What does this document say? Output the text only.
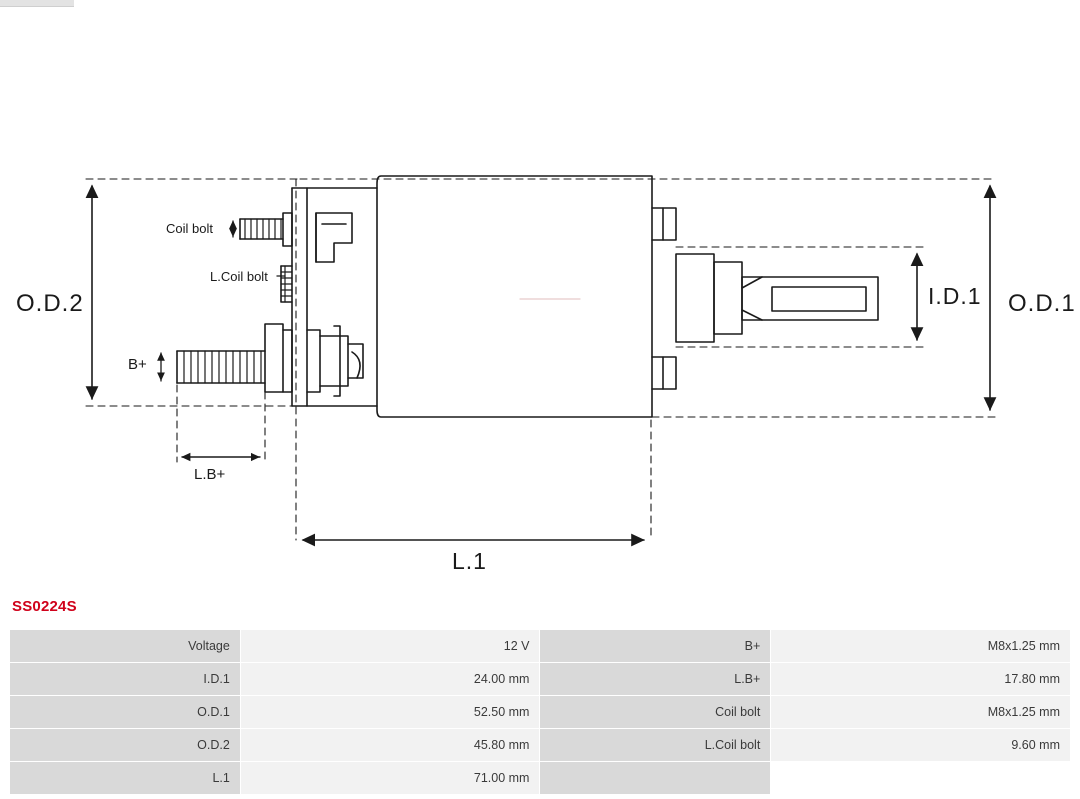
O.D.2	O.D.1
I.D.1
L.1
L.B+
B+
Coil bolt
L.Coil bolt
SS0224S
Voltage	12 V	B+	M8x1.25 mm
I.D.1	24.00 mm	L.B+	17.80 mm
O.D.1	52.50 mm	Coil bolt	M8x1.25 mm
O.D.2	45.80 mm	L.Coil bolt	9.60 mm
L.1	71.00 mm		
